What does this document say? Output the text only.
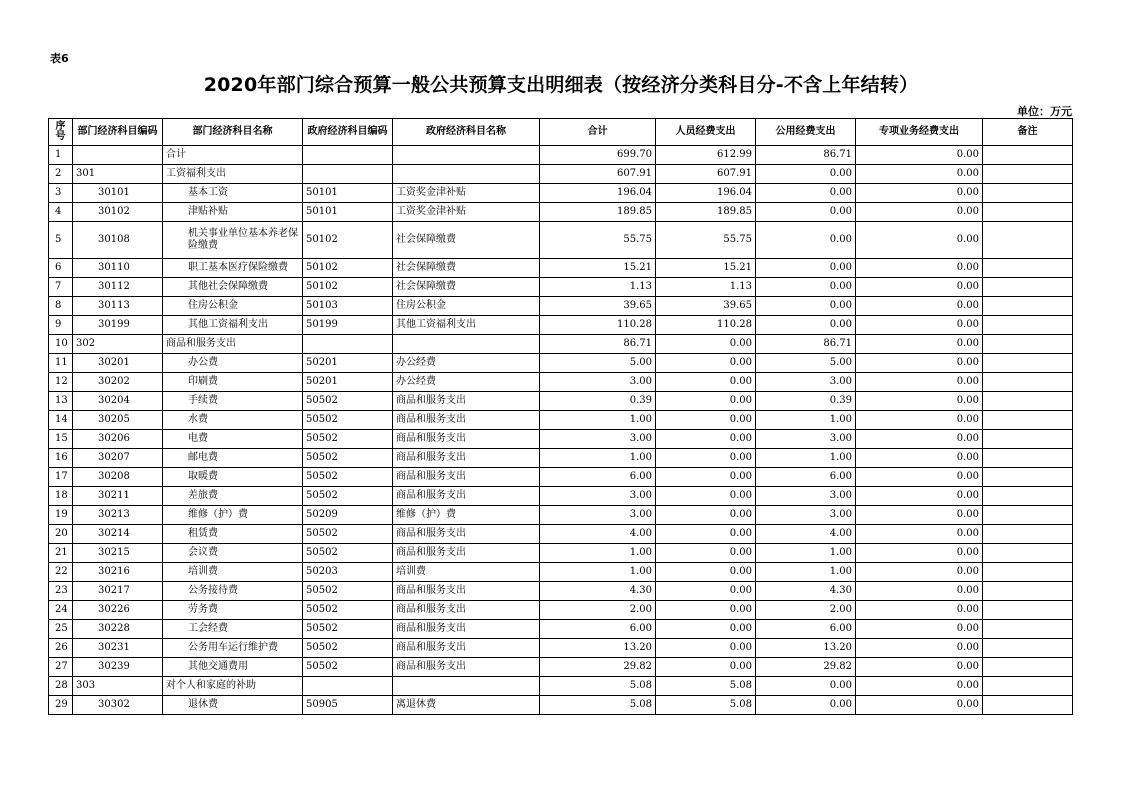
表6
2020年部门综合预算一般公共预算支出明细表（按经济分类科目分-不含上年结转）
单位：万元
序号	部门经济科目编码	部门经济科目名称	政府经济科目编码	政府经济科目名称	合计	人员经费支出	公用经费支出	专项业务经费支出	备注
1		合计			699.70	612.99	86.71	0.00	
2	301	工资福利支出			607.91	607.91	0.00	0.00	
3	30101	基本工资	50101	工资奖金津补贴	196.04	196.04	0.00	0.00	
4	30102	津贴补贴	50101	工资奖金津补贴	189.85	189.85	0.00	0.00	
5	30108	机关事业单位基本养老保险缴费	50102	社会保障缴费	55.75	55.75	0.00	0.00	
6	30110	职工基本医疗保险缴费	50102	社会保障缴费	15.21	15.21	0.00	0.00	
7	30112	其他社会保障缴费	50102	社会保障缴费	1.13	1.13	0.00	0.00	
8	30113	住房公积金	50103	住房公积金	39.65	39.65	0.00	0.00	
9	30199	其他工资福利支出	50199	其他工资福利支出	110.28	110.28	0.00	0.00	
10	302	商品和服务支出			86.71	0.00	86.71	0.00	
11	30201	办公费	50201	办公经费	5.00	0.00	5.00	0.00	
12	30202	印刷费	50201	办公经费	3.00	0.00	3.00	0.00	
13	30204	手续费	50502	商品和服务支出	0.39	0.00	0.39	0.00	
14	30205	水费	50502	商品和服务支出	1.00	0.00	1.00	0.00	
15	30206	电费	50502	商品和服务支出	3.00	0.00	3.00	0.00	
16	30207	邮电费	50502	商品和服务支出	1.00	0.00	1.00	0.00	
17	30208	取暖费	50502	商品和服务支出	6.00	0.00	6.00	0.00	
18	30211	差旅费	50502	商品和服务支出	3.00	0.00	3.00	0.00	
19	30213	维修（护）费	50209	维修（护）费	3.00	0.00	3.00	0.00	
20	30214	租赁费	50502	商品和服务支出	4.00	0.00	4.00	0.00	
21	30215	会议费	50502	商品和服务支出	1.00	0.00	1.00	0.00	
22	30216	培训费	50203	培训费	1.00	0.00	1.00	0.00	
23	30217	公务接待费	50502	商品和服务支出	4.30	0.00	4.30	0.00	
24	30226	劳务费	50502	商品和服务支出	2.00	0.00	2.00	0.00	
25	30228	工会经费	50502	商品和服务支出	6.00	0.00	6.00	0.00	
26	30231	公务用车运行维护费	50502	商品和服务支出	13.20	0.00	13.20	0.00	
27	30239	其他交通费用	50502	商品和服务支出	29.82	0.00	29.82	0.00	
28	303	对个人和家庭的补助			5.08	5.08	0.00	0.00	
29	30302	退休费	50905	离退休费	5.08	5.08	0.00	0.00	
